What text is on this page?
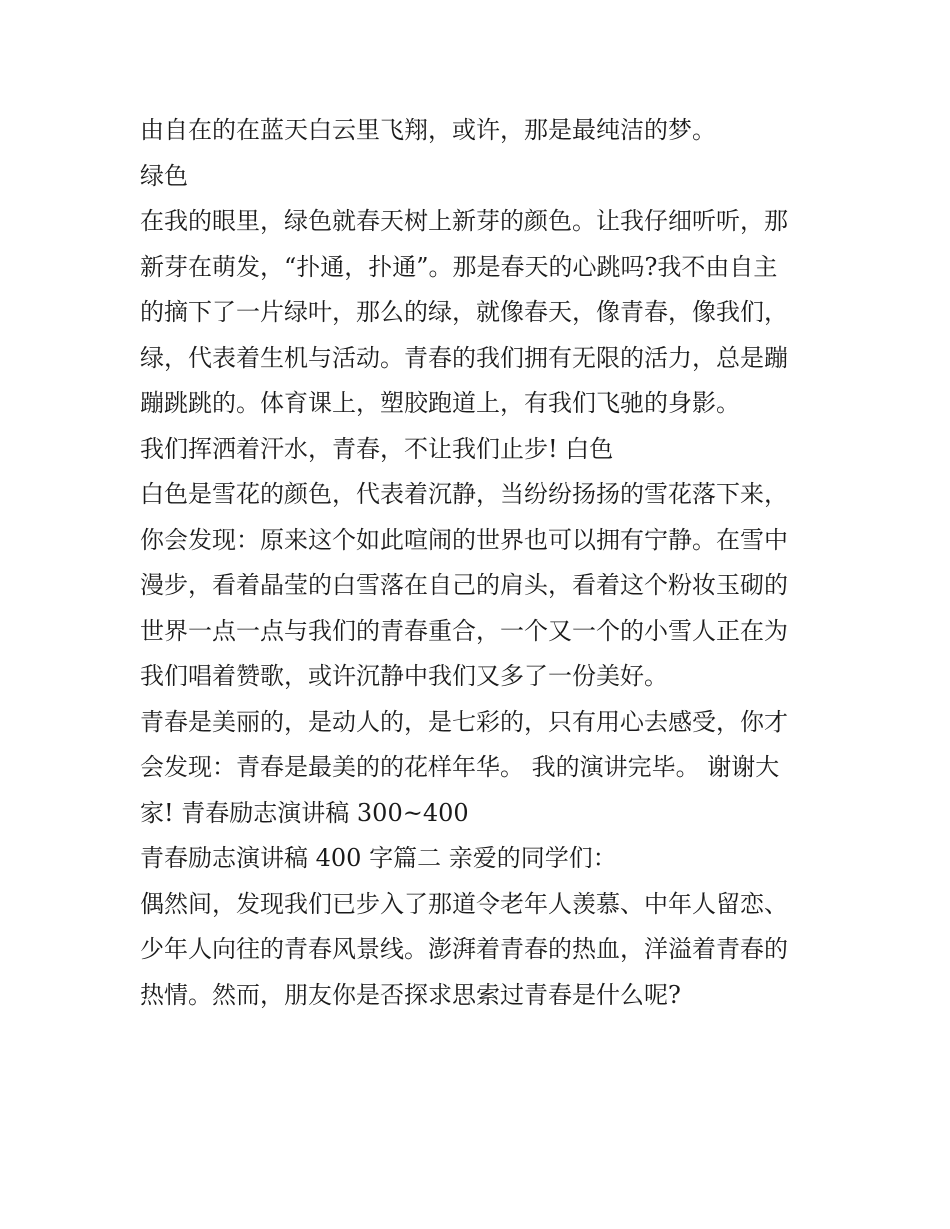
由自在的在蓝天白云里飞翔，或许，那是最纯洁的梦。
绿色
在我的眼里，绿色就春天树上新芽的颜色。让我仔细听听，那
新芽在萌发，“扑通，扑通”。那是春天的心跳吗?我不由自主
的摘下了一片绿叶，那么的绿，就像春天，像青春，像我们，
绿，代表着生机与活动。青春的我们拥有无限的活力，总是蹦
蹦跳跳的。体育课上，塑胶跑道上，有我们飞驰的身影。
我们挥洒着汗水，青春，不让我们止步! 白色
白色是雪花的颜色，代表着沉静，当纷纷扬扬的雪花落下来，
你会发现：原来这个如此喧闹的世界也可以拥有宁静。在雪中
漫步，看着晶莹的白雪落在自己的肩头，看着这个粉妆玉砌的
世界一点一点与我们的青春重合，一个又一个的小雪人正在为
我们唱着赞歌，或许沉静中我们又多了一份美好。
青春是美丽的，是动人的，是七彩的，只有用心去感受，你才
会发现：青春是最美的的花样年华。 我的演讲完毕。 谢谢大
家! 青春励志演讲稿 300~400
青春励志演讲稿 400 字篇二 亲爱的同学们：
偶然间，发现我们已步入了那道令老年人羡慕、中年人留恋、
少年人向往的青春风景线。澎湃着青春的热血，洋溢着青春的
热情。然而，朋友你是否探求思索过青春是什么呢?
